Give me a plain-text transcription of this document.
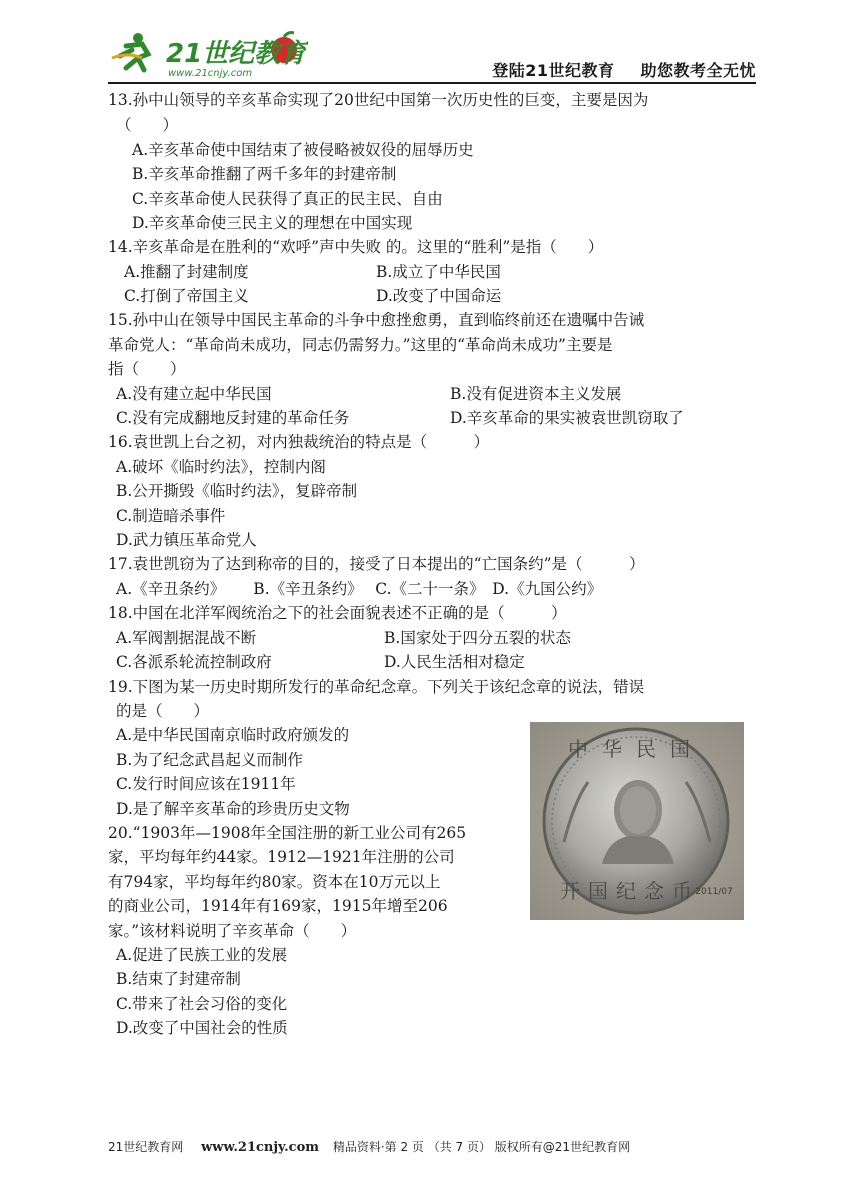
21世纪教育
www.21cnjy.com	登陆21世纪教育 助您教考全无忧
13.孙中山领导的辛亥革命实现了20世纪中国第一次历史性的巨变，主要是因为
（　　）
A.辛亥革命使中国结束了被侵略被奴役的屈辱历史
B.辛亥革命推翻了两千多年的封建帝制
C.辛亥革命使人民获得了真正的民主民、自由
D.辛亥革命使三民主义的理想在中国实现
14.辛亥革命是在胜利的“欢呼”声中失败 的。这里的“胜利”是指（　　）
A.推翻了封建制度	B.成立了中华民国
C.打倒了帝国主义	D.改变了中国命运
15.孙中山在领导中国民主革命的斗争中愈挫愈勇，直到临终前还在遗嘱中告诫
革命党人：“革命尚未成功，同志仍需努力。”这里的“革命尚未成功”主要是
指（　　）
A.没有建立起中华民国	B.没有促进资本主义发展
C.没有完成翻地反封建的革命任务	D.辛亥革命的果实被袁世凯窃取了
16.袁世凯上台之初，对内独裁统治的特点是（　　　）
A.破坏《临时约法》，控制内阁
B.公开撕毁《临时约法》，复辟帝制
C.制造暗杀事件
D.武力镇压革命党人
17.袁世凯窃为了达到称帝的目的，接受了日本提出的“亡国条约”是（　　　）
A.《辛丑条约》　　 B.《辛丑条约》　 C.《二十一条》　D.《九国公约》
18.中国在北洋军阀统治之下的社会面貌表述不正确的是（　　　）
A.军阀割据混战不断	B.国家处于四分五裂的状态
C.各派系轮流控制政府	D.人民生活相对稳定
19.下图为某一历史时期所发行的革命纪念章。下列关于该纪念章的说法，错误
的是（　　）
A.是中华民国南京临时政府颁发的
B.为了纪念武昌起义而制作
C.发行时间应该在1911年
D.是了解辛亥革命的珍贵历史文物
20.“1903年—1908年全国注册的新工业公司有265
家，平均每年约44家。1912—1921年注册的公司
有794家，平均每年约80家。资本在10万元以上
的商业公司，1914年有169家，1915年增至206
家。”该材料说明了辛亥革命（　　）
A.促进了民族工业的发展
B.结束了封建帝制
C.带来了社会习俗的变化
D.改变了中国社会的性质
中华民国
开国纪念币
2011/07
21世纪教育网 www.21cnjy.com 精品资料·第 2 页 （共 7 页） 版权所有@21世纪教育网
